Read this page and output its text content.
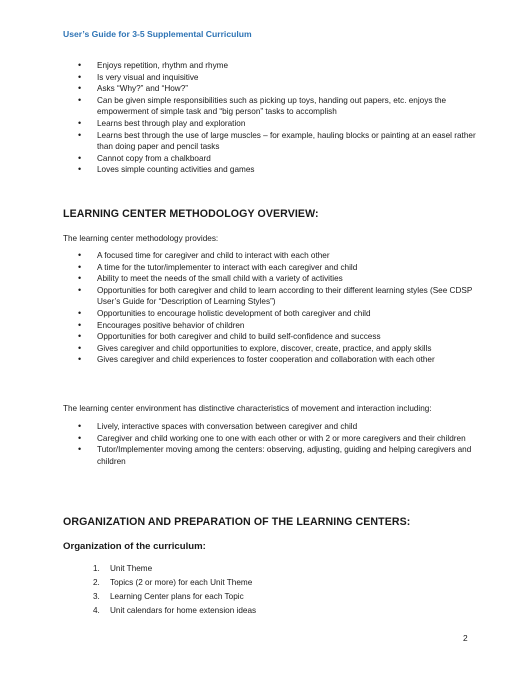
User’s Guide for 3-5 Supplemental Curriculum
• Enjoys repetition, rhythm and rhyme
• Is very visual and inquisitive
• Asks “Why?” and “How?”
• Can be given simple responsibilities such as picking up toys, handing out papers, etc. enjoys the empowerment of simple task and “big person” tasks to accomplish
• Learns best through play and exploration
• Learns best through the use of large muscles – for example, hauling blocks or painting at an easel rather than doing paper and pencil tasks
• Cannot copy from a chalkboard
• Loves simple counting activities and games
LEARNING CENTER METHODOLOGY OVERVIEW:
The learning center methodology provides:
• A focused time for caregiver and child to interact with each other
• A time for the tutor/implementer to interact with each caregiver and child
• Ability to meet the needs of the small child with a variety of activities
• Opportunities for both caregiver and child to learn according to their different learning styles (See CDSP User’s Guide for “Description of Learning Styles”)
• Opportunities to encourage holistic development of both caregiver and child
• Encourages positive behavior of children
• Opportunities for both caregiver and child to build self-confidence and success
• Gives caregiver and child opportunities to explore, discover, create, practice, and apply skills
• Gives caregiver and child experiences to foster cooperation and collaboration with each other
The learning center environment has distinctive characteristics of movement and interaction including:
• Lively, interactive spaces with conversation between caregiver and child
• Caregiver and child working one to one with each other or with 2 or more caregivers and their children
• Tutor/Implementer moving among the centers: observing, adjusting, guiding and helping caregivers and children
ORGANIZATION AND PREPARATION OF THE LEARNING CENTERS:
Organization of the curriculum:
1. Unit Theme
2. Topics (2 or more) for each Unit Theme
3. Learning Center plans for each Topic
4. Unit calendars for home extension ideas
2
